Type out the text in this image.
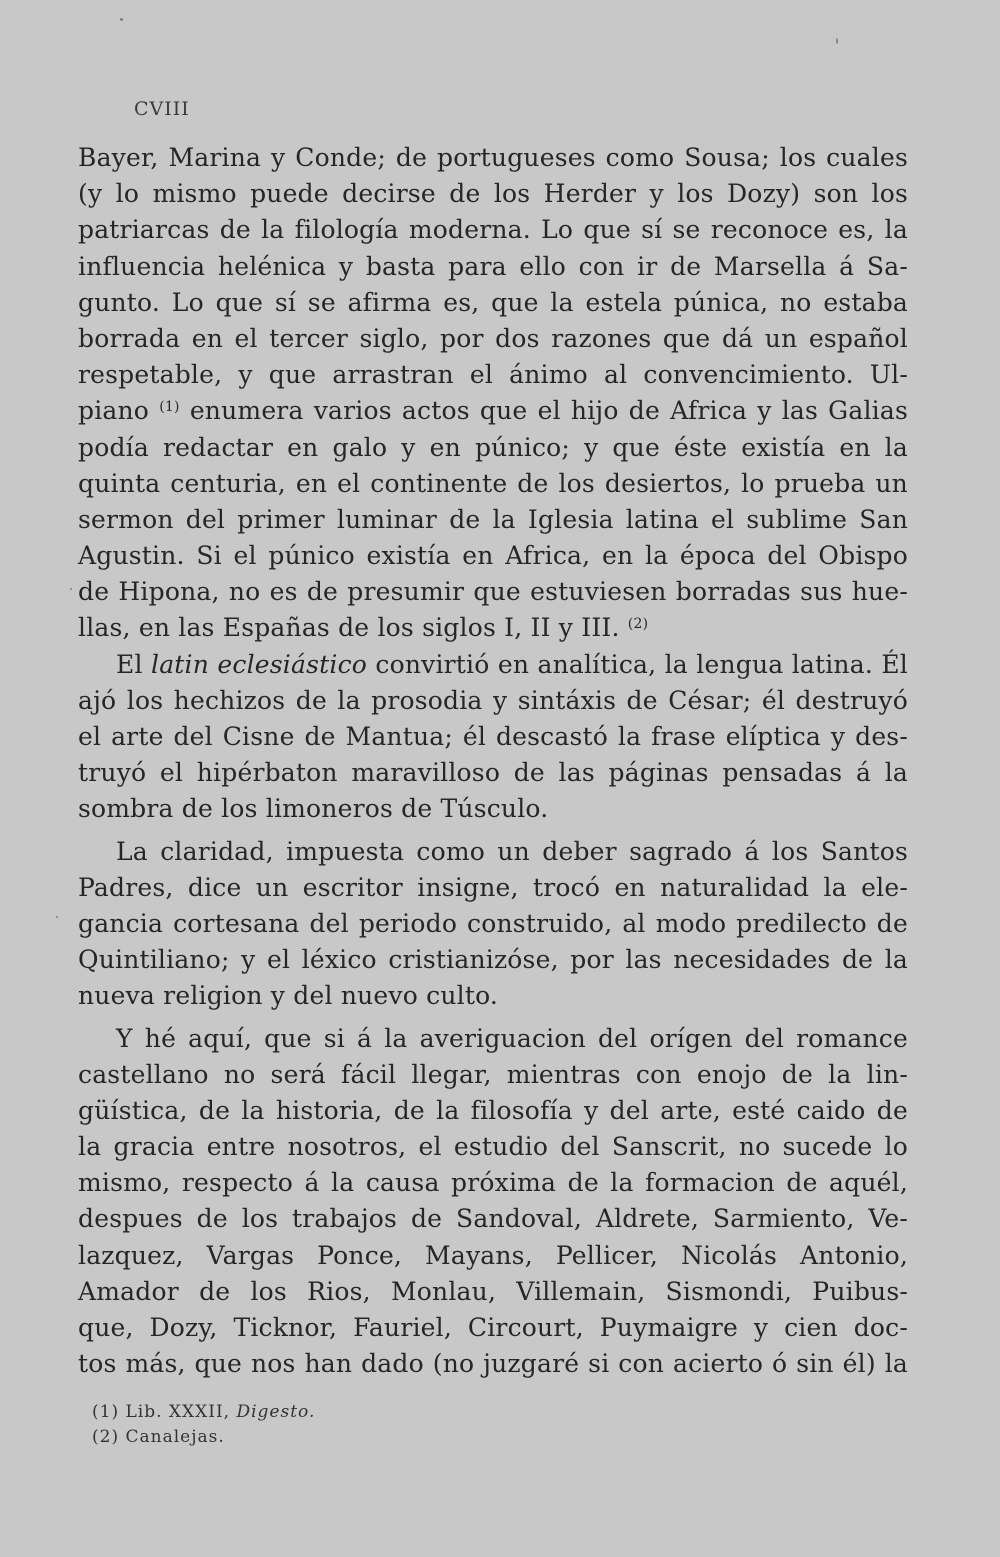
CVIII
Bayer, Marina y Conde; de portugueses como Sousa; los cuales
(y lo mismo puede decirse de los Herder y los Dozy) son los
patriarcas de la filología moderna. Lo que sí se reconoce es, la
influencia helénica y basta para ello con ir de Marsella á Sa-
gunto. Lo que sí se afirma es, que la estela púnica, no estaba
borrada en el tercer siglo, por dos razones que dá un español
respetable, y que arrastran el ánimo al convencimiento. Ul-
piano $^{(1)}$ enumera varios actos que el hijo de Africa y las Galias
podía redactar en galo y en púnico; y que éste existía en la
quinta centuria, en el continente de los desiertos, lo prueba un
sermon del primer luminar de la Iglesia latina el sublime San
Agustin. Si el púnico existía en Africa, en la época del Obispo
de Hipona, no es de presumir que estuviesen borradas sus hue-
llas, en las Españas de los siglos I, II y III. $^{(2)}$
El latin eclesiástico convirtió en analítica, la lengua latina. Él
ajó los hechizos de la prosodia y sintáxis de César; él destruyó
el arte del Cisne de Mantua; él descastó la frase elíptica y des-
truyó el hipérbaton maravilloso de las páginas pensadas á la
sombra de los limoneros de Túsculo.
La claridad, impuesta como un deber sagrado á los Santos
Padres, dice un escritor insigne, trocó en naturalidad la ele-
gancia cortesana del periodo construido, al modo predilecto de
Quintiliano; y el léxico cristianizóse, por las necesidades de la
nueva religion y del nuevo culto.
Y hé aquí, que si á la averiguacion del orígen del romance
castellano no será fácil llegar, mientras con enojo de la lin-
güística, de la historia, de la filosofía y del arte, esté caido de
la gracia entre nosotros, el estudio del Sanscrit, no sucede lo
mismo, respecto á la causa próxima de la formacion de aquél,
despues de los trabajos de Sandoval, Aldrete, Sarmiento, Ve-
lazquez, Vargas Ponce, Mayans, Pellicer, Nicolás Antonio,
Amador de los Rios, Monlau, Villemain, Sismondi, Puibus-
que, Dozy, Ticknor, Fauriel, Circourt, Puymaigre y cien doc-
tos más, que nos han dado (no juzgaré si con acierto ó sin él) la
(1) Lib. XXXII, Digesto.
(2) Canalejas.
